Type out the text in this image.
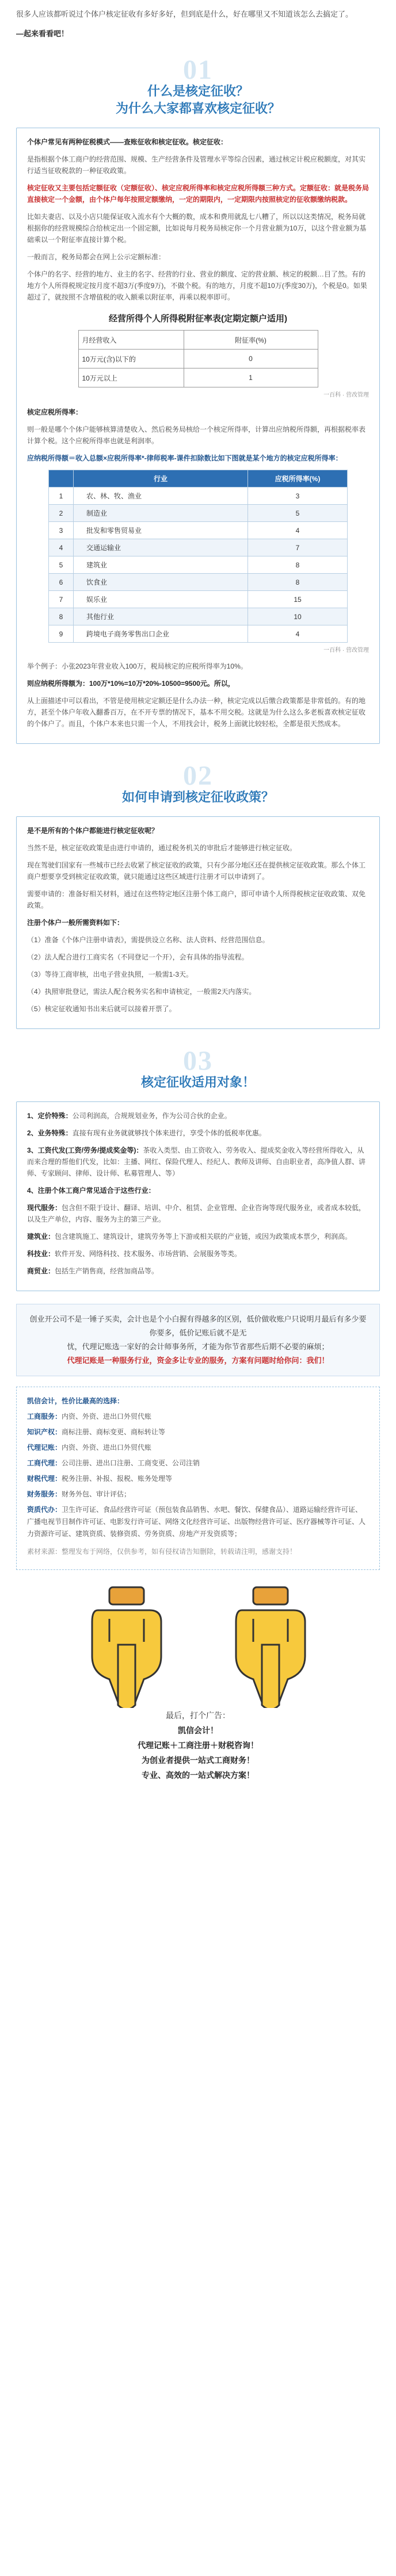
很多人应该都听说过个体户核定征收有多好多好，但到底是什么，好在哪里又不知道该怎么去搞定了。

—起来看看吧！

01
什么是核定征收？
为什么大家都喜欢核定征收？

个体户常见有两种征税模式——查账征收和核定征收。核定征收：

是指根据个体工商户的经营范围、规模、生产经营条件及管理水平等综合因素，通过核定计税应税额度，对其实行适当征收税款的一种征收政策。

核定征收又主要包括定额征收（定额征收）、核定应税所得率和核定应税所得额三种方式。定额征收：就是税务局直接核定一个金额，由个体户每年按照定额缴纳，一定的期限内，一定期限内按照核定的征收额缴纳税款。

比如夫妻店、以及小店只能保证收入流水有个大概的数，成本和费用就乱七八糟了，所以以这类情况，税务局就根据你的经营规模综合给核定出一个固定额，比如说每月税务局核定你一个月营业额为10万，以这个营业额为基础乘以一个附征率直接计算个税。

一般而言，税务局都会在网上公示定额标准：

个体户的名字、经营的地方、业主的名字、经营的行业、营业的额度、定的营业额、核定的税额…目了然。有的地方个人所得税规定按月度不超3万(季度9万)，不做个税。有的地方，月度不超10万(季度30万)，个税是0。如果超过了，就按照不含增值税的收入额乘以附征率，再乘以税率即可。

经营所得个人所得税附征率表(定期定额户适用)
月经营收入	附征率(%)
10万元(含)以下的	0
10万元以上	1
一百科 · 营改管理

核定应税所得率：

则一般是哪个个体户能够核算清楚收入、然后税务局核给一个核定所得率，计算出应纳税所得额，再根据税率表计算个税。这个应税所得率也就是利润率。

应纳税所得额＝收入总额×应税所得率*-律师税率-课件扣除数比如下图就是某个地方的核定应税所得率：

	行业	应税所得率(%)
1	农、林、牧、渔业	3
2	制造业	5
3	批发和零售贸易业	4
4	交通运输业	7
5	建筑业	8
6	饮食业	8
7	娱乐业	15
8	其他行业	10
9	跨境电子商务零售出口企业	4
一百科 · 营改管理

举个例子：小张2023年营业收入100万，税局核定的应税所得率为10%。

则应纳税所得额为：100万*10%=10万*20%-10500=9500元。所以，

从上面描述中可以看出，不管是使用核定定额还是什么办法一种，核定完成以后缴合政策都是非常低的。有的地方，甚至个体户年收入翻番百万，在不开专票的情况下，基本不用交税。这就是为什么这么多老板喜欢核定征收的个体户了。而且，个体户本来也只需一个人，不用找会计，税务上面就比较轻松，全都是很天然成本。

02
如何申请到核定征收政策？

是不是所有的个体户都能进行核定征收呢？

当然不是，核定征收政策是由进行申请的，通过税务机关的审批后才能够进行核定征收。

现在驾驶们国家有一些城市已经去收紧了核定征收的政策，只有少部分地区还在提供核定征收政策。那么个体工商户想要享受到核定征收政策，就只能通过这些区域进行注册才可以申请到了。

需要申请的：准备好相关材料，通过在这些特定地区注册个体工商户，即可申请个人所得税核定征收政策、双免政策。

注册个体户一般所需资料如下：

（1）准备《个体户注册申请表》，需提供设立名称、法人资料、经营范围信息。

（2）法人配合进行工商实名（不同登记一个开），会有具体的指导流程。

（3）等待工商审核，出电子营业执照，一般需1-3天。

（4）执照审批登记，需法人配合税务实名和申请核定，一般需2天内落实。

（5）核定征收通知书出来后就可以接着开票了。

03
核定征收适用对象！

1、定价特殊：公司利润高，合规规划业务，作为公司合伙的企业。

2、业务特殊：直接有现有业务就就够找个体来进行，享受个体的低税率优惠。

3、工资代发(工资/劳务/提成奖金等)：茶收入类型、由工资收入、劳务收入、提成奖金收入等经营所得收入，从而来合理的帮他们代发，比如：主播、网红、保险代理人、经纪人、教师及讲师、自由职业者，高净值人群、讲师、专家顾问、律师、设计师、私募管理人、等）

4、注册个体工商户常见适合于这些行业：

现代服务：包含但不限于设计、翻译、培训、中介、租赁、企业管理、企业咨询等现代服务业，或者成本较低，以及生产单位，内容、服务为主的第三产业。

建筑业：包含建筑施工、建筑设计，建筑劳务等上下游或相关联的产业链，或因为政策成本票少，利润高。

科技业：软件开发、网络科技、技术服务、市场营销、会展服务等类。

商贸业：包括生产销售商，经营加商品等。

创业开公司不是一锤子买卖，会计也是个小白握有得越多的区别，低价做收账户只说明月最后有多少要你要多，低价记账后就不是无
忧，代理记账选一家好的会计师事务所，才能为你节省那些后期不必要的麻烦；
代理记账是一种服务行业，资金多让专业的服务，方案有问题时给你问：我们！

凯信会计，性价比最高的选择：

工商服务：内资、外资、进出口外贸代账

知识产权：商标注册、商标变更、商标转让等

代理记账：内资、外资、进出口外贸代账

工商代理：公司注册、进出口注册、工商变更、公司注销

财税代理：税务注册、补报、报税、账务处理等

财务服务：财务外包、审计评估；

资质代办：卫生许可证、食品经营许可证（预包装食品销售、水吧、餐饮、保健食品）、道路运输经营许可证、广播电视节目制作许可证、电影发行许可证、网络文化经营许可证、出版物经营许可证、医疗器械等许可证、人力资源许可证、建筑资质、装修资质、劳务资质、房地产开发资质等；

素材来源：整理发布于网络，仅供参考，如有侵权请告知删除，转载请注明，感谢支持！

最后，打个广告：
凯信会计！
代理记账＋工商注册＋财税咨询！
为创业者提供一站式工商财务！
专业、高效的一站式解决方案！
